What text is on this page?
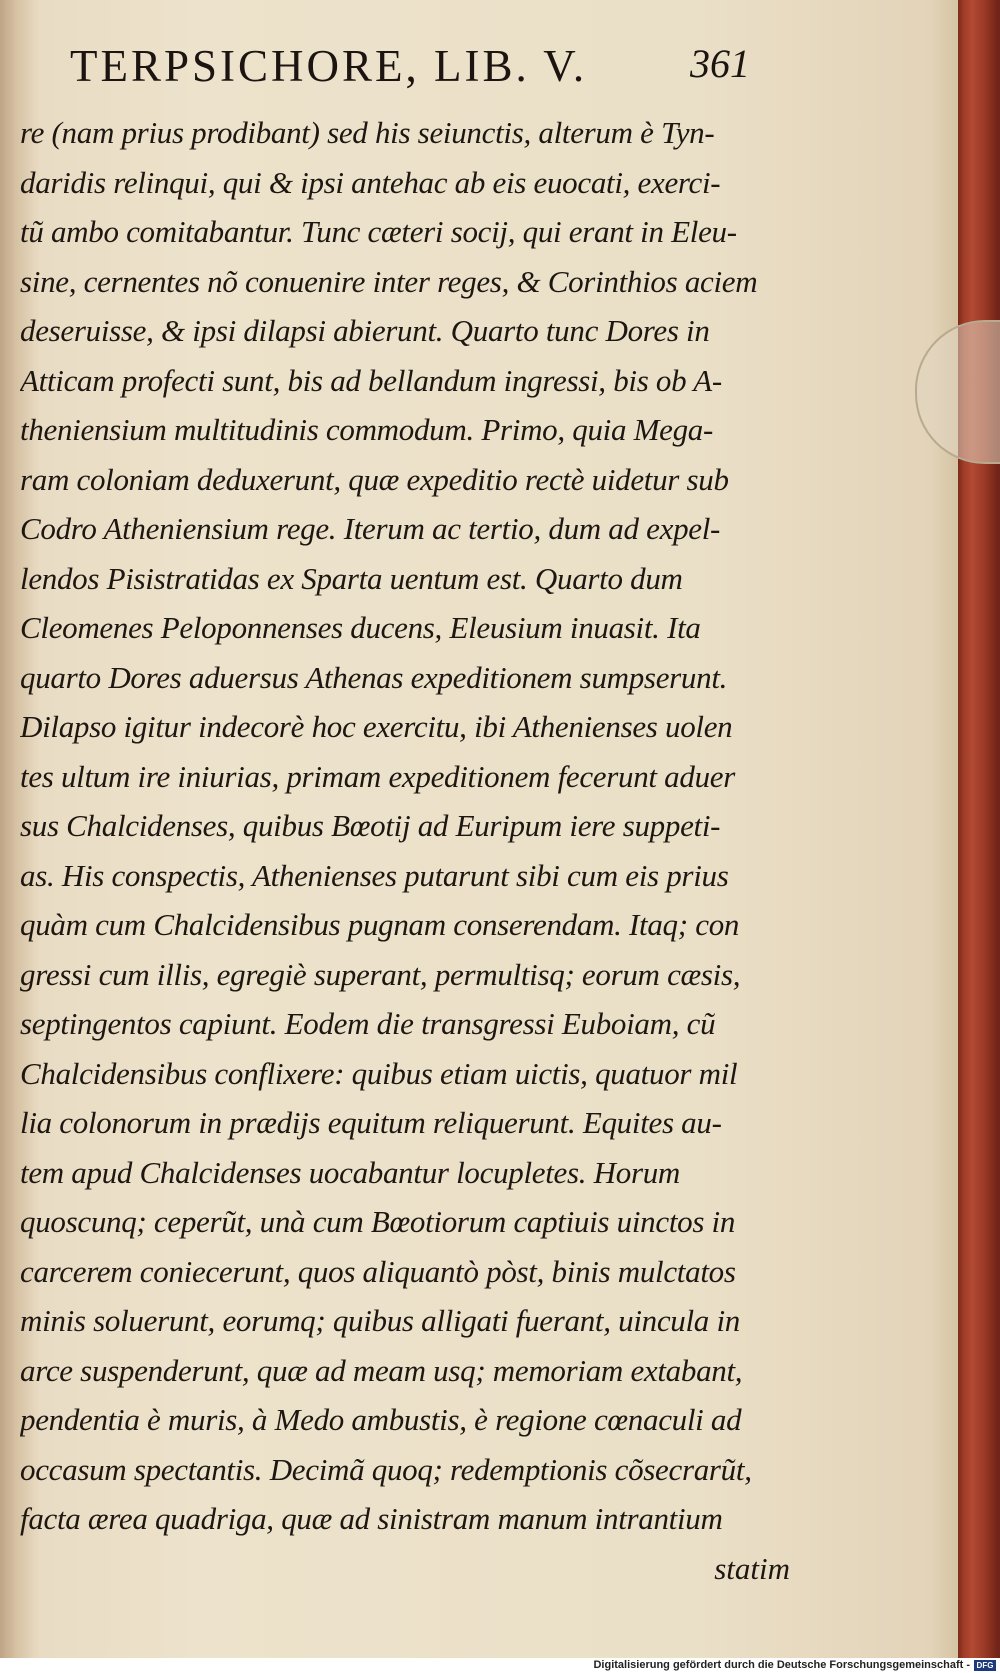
TERPSICHORE, LIB. V.	361
re (nam prius prodibant) sed his seiunctis, alterum è Tyn-
daridis relinqui, qui & ipsi antehac ab eis euocati, exerci-
tũ ambo comitabantur. Tunc cæteri socij, qui erant in Eleu-
sine, cernentes nõ conuenire inter reges, & Corinthios aciem
deseruisse, & ipsi dilapsi abierunt. Quarto tunc Dores in
Atticam profecti sunt, bis ad bellandum ingressi, bis ob A-
theniensium multitudinis commodum. Primo, quia Mega-
ram coloniam deduxerunt, quæ expeditio rectè uidetur sub
Codro Atheniensium rege. Iterum ac tertio, dum ad expel-
lendos Pisistratidas ex Sparta uentum est. Quarto dum
Cleomenes Peloponnenses ducens, Eleusium inuasit. Ita
quarto Dores aduersus Athenas expeditionem sumpserunt.
Dilapso igitur indecorè hoc exercitu, ibi Athenienses uolen
tes ultum ire iniurias, primam expeditionem fecerunt aduer
sus Chalcidenses, quibus Bœotij ad Euripum iere suppeti-
as. His conspectis, Athenienses putarunt sibi cum eis prius
quàm cum Chalcidensibus pugnam conserendam. Itaq; con
gressi cum illis, egregiè superant, permultisq; eorum cæsis,
septingentos capiunt. Eodem die transgressi Euboiam, cũ
Chalcidensibus conflixere: quibus etiam uictis, quatuor mil
lia colonorum in prædijs equitum reliquerunt. Equites au-
tem apud Chalcidenses uocabantur locupletes. Horum
quoscunq; ceperũt, unà cum Bœotiorum captiuis uinctos in
carcerem coniecerunt, quos aliquantò pòst, binis mulctatos
minis soluerunt, eorumq; quibus alligati fuerant, uincula in
arce suspenderunt, quæ ad meam usq; memoriam extabant,
pendentia è muris, à Medo ambustis, è regione cœnaculi ad
occasum spectantis. Decimã quoq; redemptionis cõsecrarũt,
facta ærea quadriga, quæ ad sinistram manum intrantium
statim
Digitalisierung gefördert durch die Deutsche Forschungsgemeinschaft - DFG
